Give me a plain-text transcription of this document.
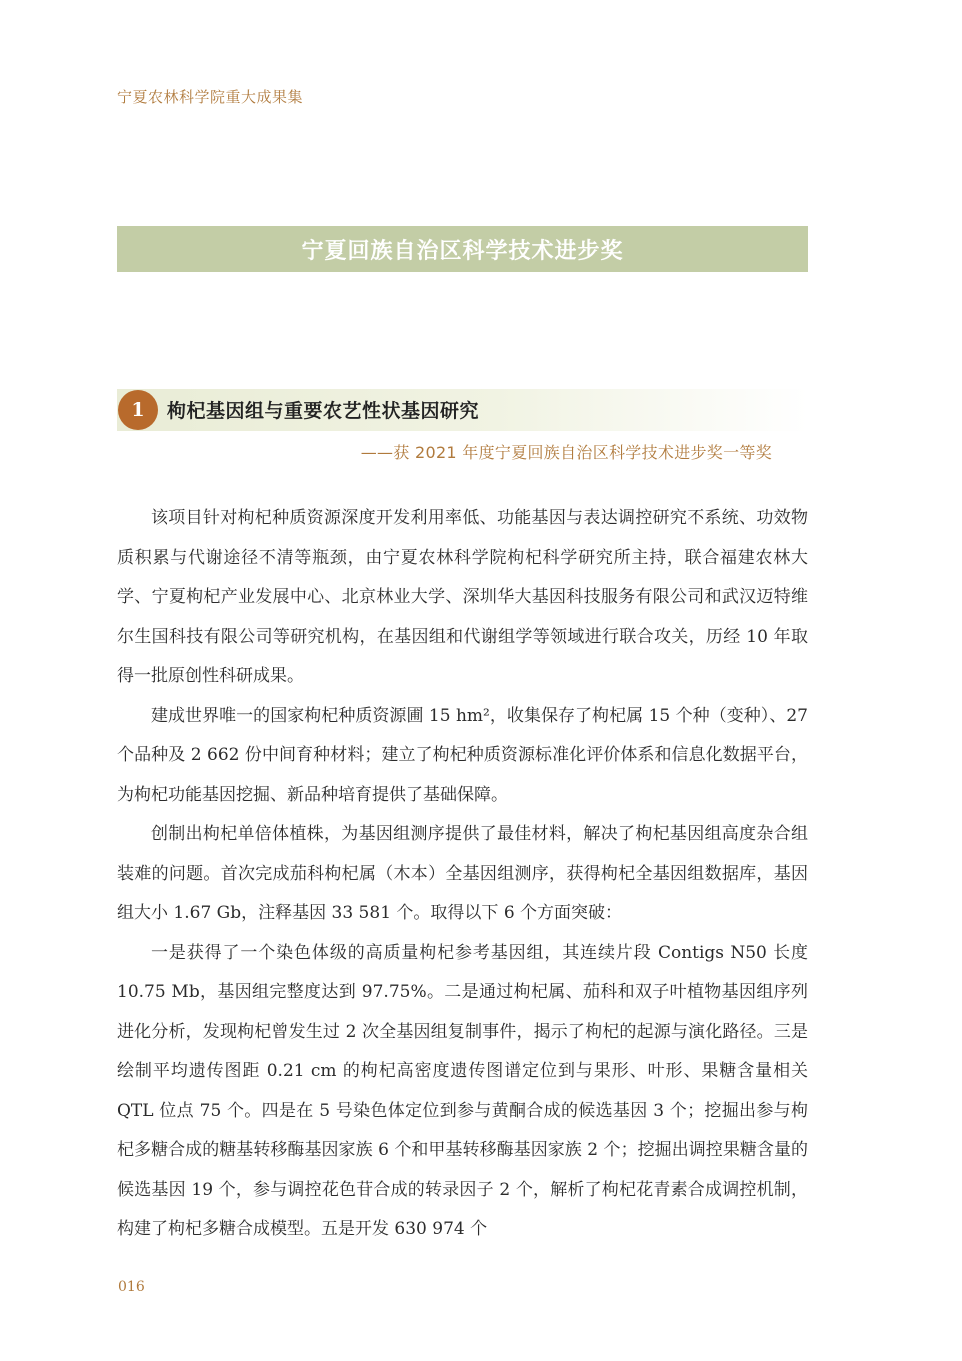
宁夏农林科学院重大成果集
宁夏回族自治区科学技术进步奖
1	枸杞基因组与重要农艺性状基因研究
——获 2021 年度宁夏回族自治区科学技术进步奖一等奖

该项目针对枸杞种质资源深度开发利用率低、功能基因与表达调控研究不系统、功效物质积累与代谢途径不清等瓶颈，由宁夏农林科学院枸杞科学研究所主持，联合福建农林大学、宁夏枸杞产业发展中心、北京林业大学、深圳华大基因科技服务有限公司和武汉迈特维尔生国科技有限公司等研究机构，在基因组和代谢组学等领域进行联合攻关，历经 10 年取得一批原创性科研成果。

建成世界唯一的国家枸杞种质资源圃 15 hm²，收集保存了枸杞属 15 个种（变种）、27 个品种及 2 662 份中间育种材料；建立了枸杞种质资源标准化评价体系和信息化数据平台，为枸杞功能基因挖掘、新品种培育提供了基础保障。

创制出枸杞单倍体植株，为基因组测序提供了最佳材料，解决了枸杞基因组高度杂合组装难的问题。首次完成茄科枸杞属（木本）全基因组测序，获得枸杞全基因组数据库，基因组大小 1.67 Gb，注释基因 33 581 个。取得以下 6 个方面突破：

一是获得了一个染色体级的高质量枸杞参考基因组，其连续片段 Contigs N50 长度 10.75 Mb，基因组完整度达到 97.75%。二是通过枸杞属、茄科和双子叶植物基因组序列进化分析，发现枸杞曾发生过 2 次全基因组复制事件，揭示了枸杞的起源与演化路径。三是绘制平均遗传图距 0.21 cm 的枸杞高密度遗传图谱定位到与果形、叶形、果糖含量相关 QTL 位点 75 个。四是在 5 号染色体定位到参与黄酮合成的候选基因 3 个；挖掘出参与枸杞多糖合成的糖基转移酶基因家族 6 个和甲基转移酶基因家族 2 个；挖掘出调控果糖含量的候选基因 19 个，参与调控花色苷合成的转录因子 2 个，解析了枸杞花青素合成调控机制，构建了枸杞多糖合成模型。五是开发 630 974 个

016
